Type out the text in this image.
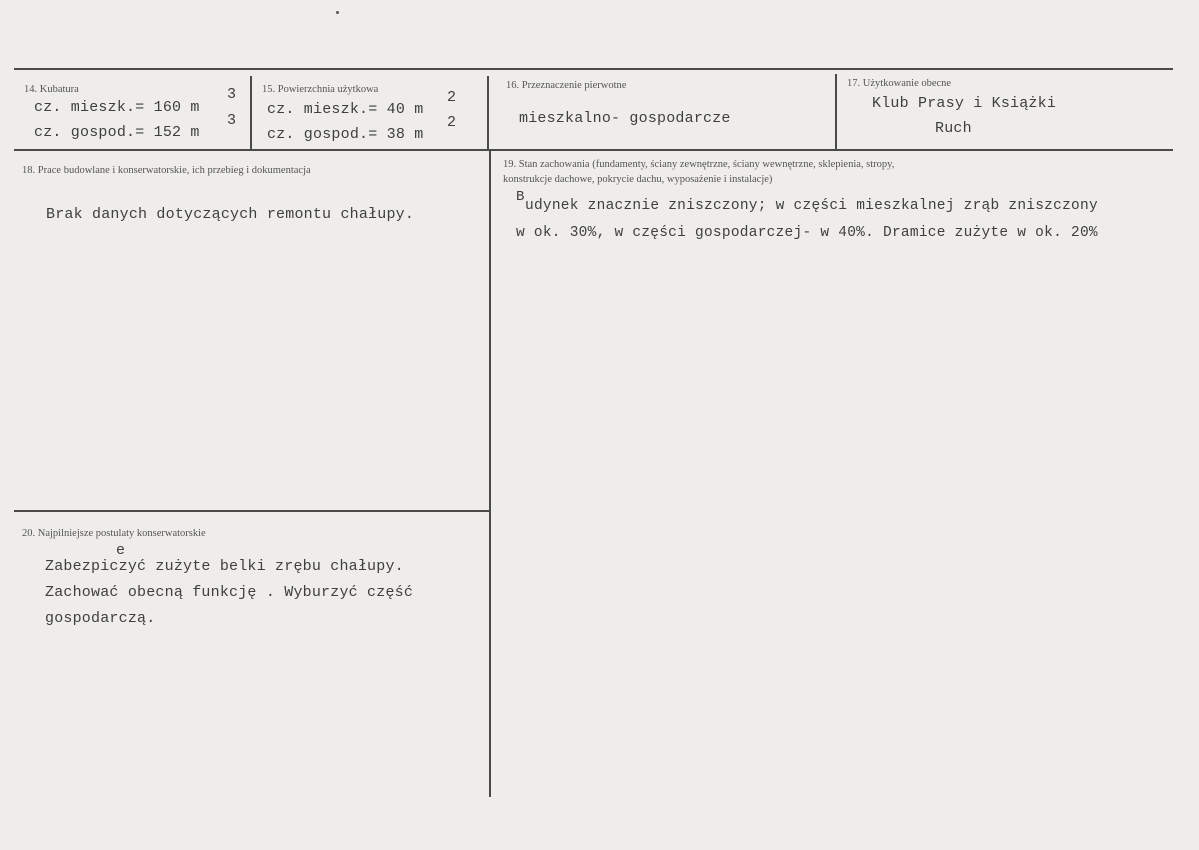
14. Kubatura
cz. mieszk.= 160 m
3
cz. gospod.= 152 m
3
15. Powierzchnia użytkowa
cz. mieszk.= 40 m
2
cz. gospod.= 38 m
2
16. Przeznaczenie pierwotne
mieszkalno- gospodarcze
17. Użytkowanie obecne
Klub Prasy i Książki
Ruch
18. Prace budowlane i konserwatorskie, ich przebieg i dokumentacja
Brak danych dotyczących remontu chałupy.
19. Stan zachowania (fundamenty, ściany zewnętrzne, ściany wewnętrzne, sklepienia, stropy,
konstrukcje dachowe, pokrycie dachu, wyposażenie i instalacje)
B
udynek znacznie zniszczony; w części mieszkalnej zrąb zniszczony
w ok. 30%, w części gospodarczej- w 40%. Dramice zużyte w ok. 20%
20. Najpilniejsze postulaty konserwatorskie
e
Zabezpiczyć zużyte belki zrębu chałupy.
Zachować obecną funkcję . Wyburzyć część
gospodarczą.
